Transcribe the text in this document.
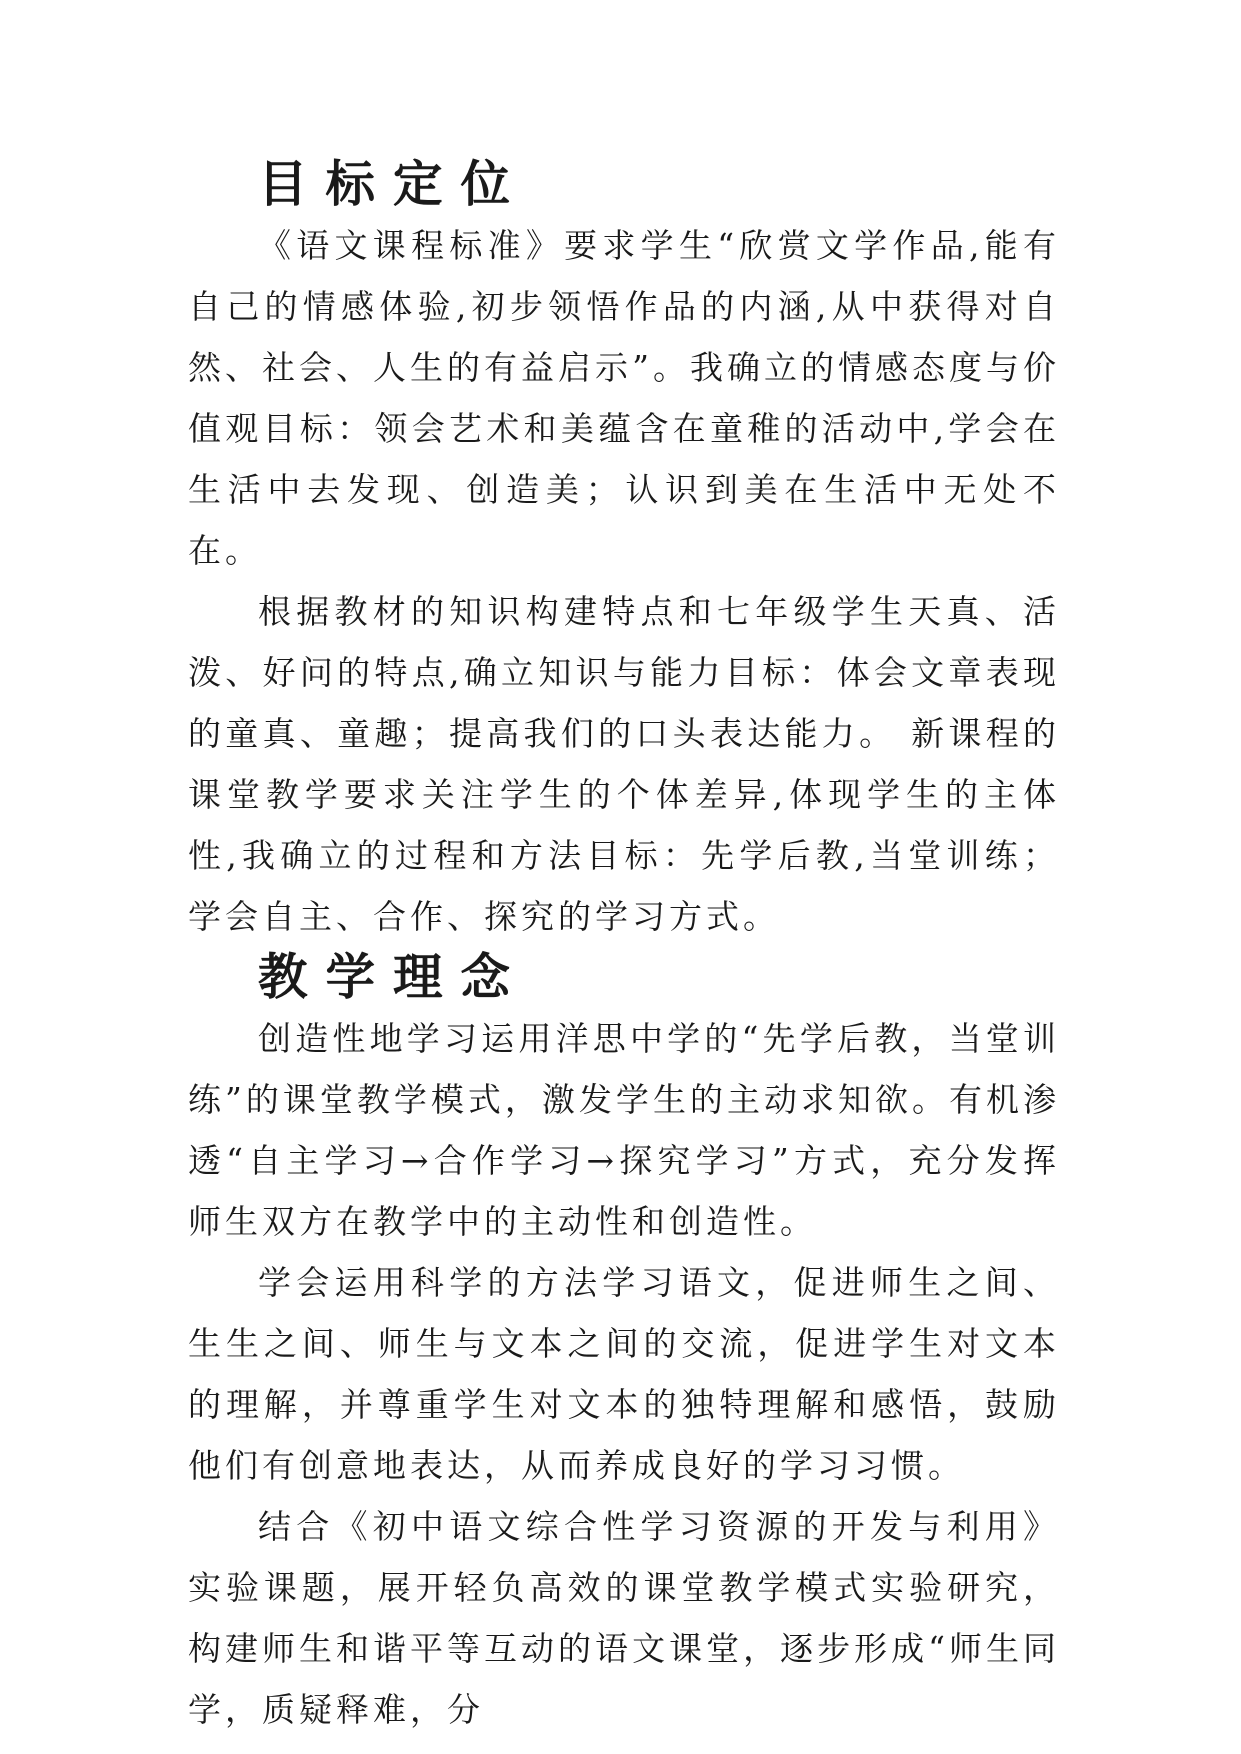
目标定位

《语文课程标准》要求学生“欣赏文学作品,能有自己的情感体验,初步领悟作品的内涵,从中获得对自然、社会、人生的有益启示”。我确立的情感态度与价值观目标：领会艺术和美蕴含在童稚的活动中,学会在生活中去发现、创造美；认识到美在生活中无处不在。

根据教材的知识构建特点和七年级学生天真、活泼、好问的特点,确立知识与能力目标：体会文章表现的童真、童趣；提高我们的口头表达能力。 新课程的课堂教学要求关注学生的个体差异,体现学生的主体性,我确立的过程和方法目标：先学后教,当堂训练；学会自主、合作、探究的学习方式。

教学理念

创造性地学习运用洋思中学的“先学后教，当堂训练”的课堂教学模式，激发学生的主动求知欲。有机渗透“自主学习→合作学习→探究学习”方式，充分发挥师生双方在教学中的主动性和创造性。

学会运用科学的方法学习语文，促进师生之间、生生之间、师生与文本之间的交流，促进学生对文本的理解，并尊重学生对文本的独特理解和感悟，鼓励他们有创意地表达，从而养成良好的学习习惯。

结合《初中语文综合性学习资源的开发与利用》实验课题，展开轻负高效的课堂教学模式实验研究，构建师生和谐平等互动的语文课堂，逐步形成“师生同学，质疑释难，分
